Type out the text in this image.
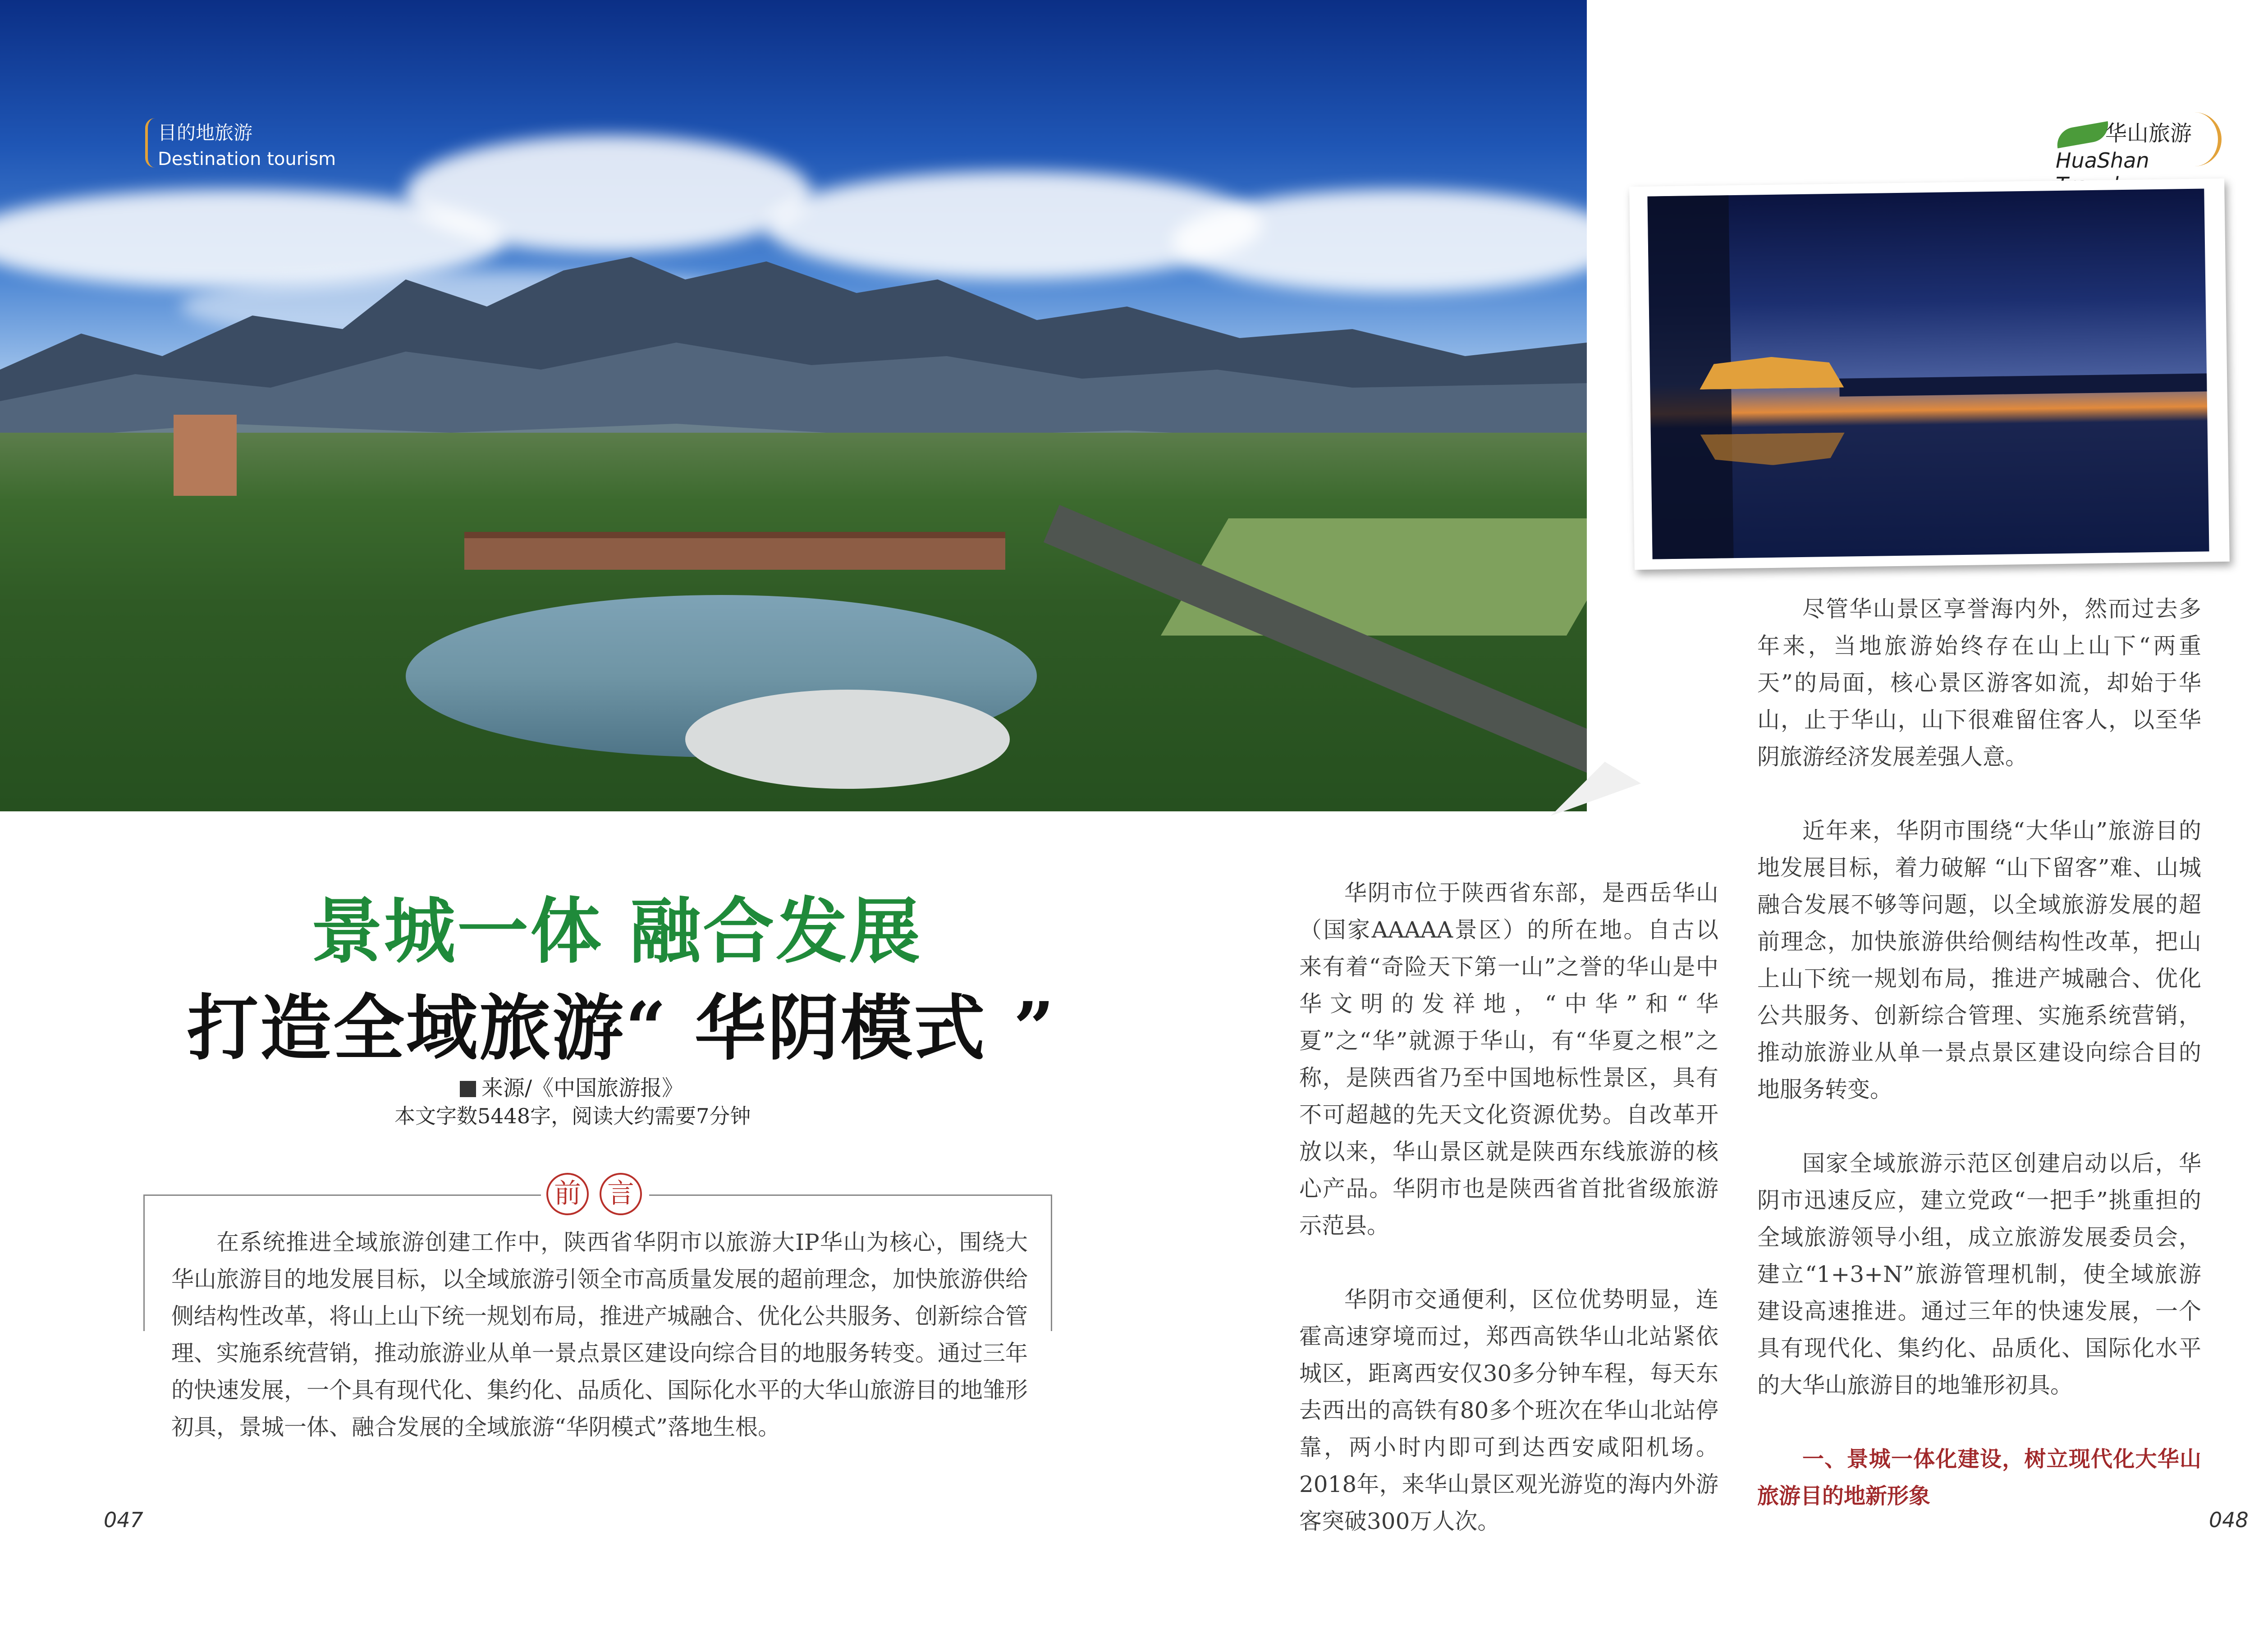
目的地旅游
Destination tourism
华山旅游
HuaShan
景城一体 融合发展
打造全域旅游“ 华阴模式 ”
来源/《中国旅游报》
本文字数5448字，阅读大约需要7分钟
前 言
在系统推进全域旅游创建工作中，陕西省华阴市以旅游大IP华山为核心，围绕大华山旅游目的地发展目标，以全域旅游引领全市高质量发展的超前理念，加快旅游供给侧结构性改革，将山上山下统一规划布局，推进产城融合、优化公共服务、创新综合管理、实施系统营销，推动旅游业从单一景点景区建设向综合目的地服务转变。通过三年的快速发展，一个具有现代化、集约化、品质化、国际化水平的大华山旅游目的地雏形初具，景城一体、融合发展的全域旅游“华阴模式”落地生根。

华阴市位于陕西省东部，是西岳华山（国家AAAAA景区）的所在地。自古以来有着“奇险天下第一山”之誉的华山是中华文明的发祥地，“中华”和“华夏”之“华”就源于华山，有“华夏之根”之称，是陕西省乃至中国地标性景区，具有不可超越的先天文化资源优势。自改革开放以来，华山景区就是陕西东线旅游的核心产品。华阴市也是陕西省首批省级旅游示范县。

华阴市交通便利，区位优势明显，连霍高速穿境而过，郑西高铁华山北站紧依城区，距离西安仅30多分钟车程，每天东去西出的高铁有80多个班次在华山北站停靠，两小时内即可到达西安咸阳机场。2018年，来华山景区观光游览的海内外游客突破300万人次。

尽管华山景区享誉海内外，然而过去多年来，当地旅游始终存在山上山下“两重天”的局面，核心景区游客如流，却始于华山，止于华山，山下很难留住客人，以至华阴旅游经济发展差强人意。

近年来，华阴市围绕“大华山”旅游目的地发展目标，着力破解 “山下留客”难、山城融合发展不够等问题，以全域旅游发展的超前理念，加快旅游供给侧结构性改革，把山上山下统一规划布局，推进产城融合、优化公共服务、创新综合管理、实施系统营销，推动旅游业从单一景点景区建设向综合目的地服务转变。

国家全域旅游示范区创建启动以后，华阴市迅速反应，建立党政“一把手”挑重担的全域旅游领导小组，成立旅游发展委员会，建立“1+3+N”旅游管理机制，使全域旅游建设高速推进。通过三年的快速发展，一个具有现代化、集约化、品质化、国际化水平的大华山旅游目的地雏形初具。

一、景城一体化建设，树立现代化大华山旅游目的地新形象
047	048
